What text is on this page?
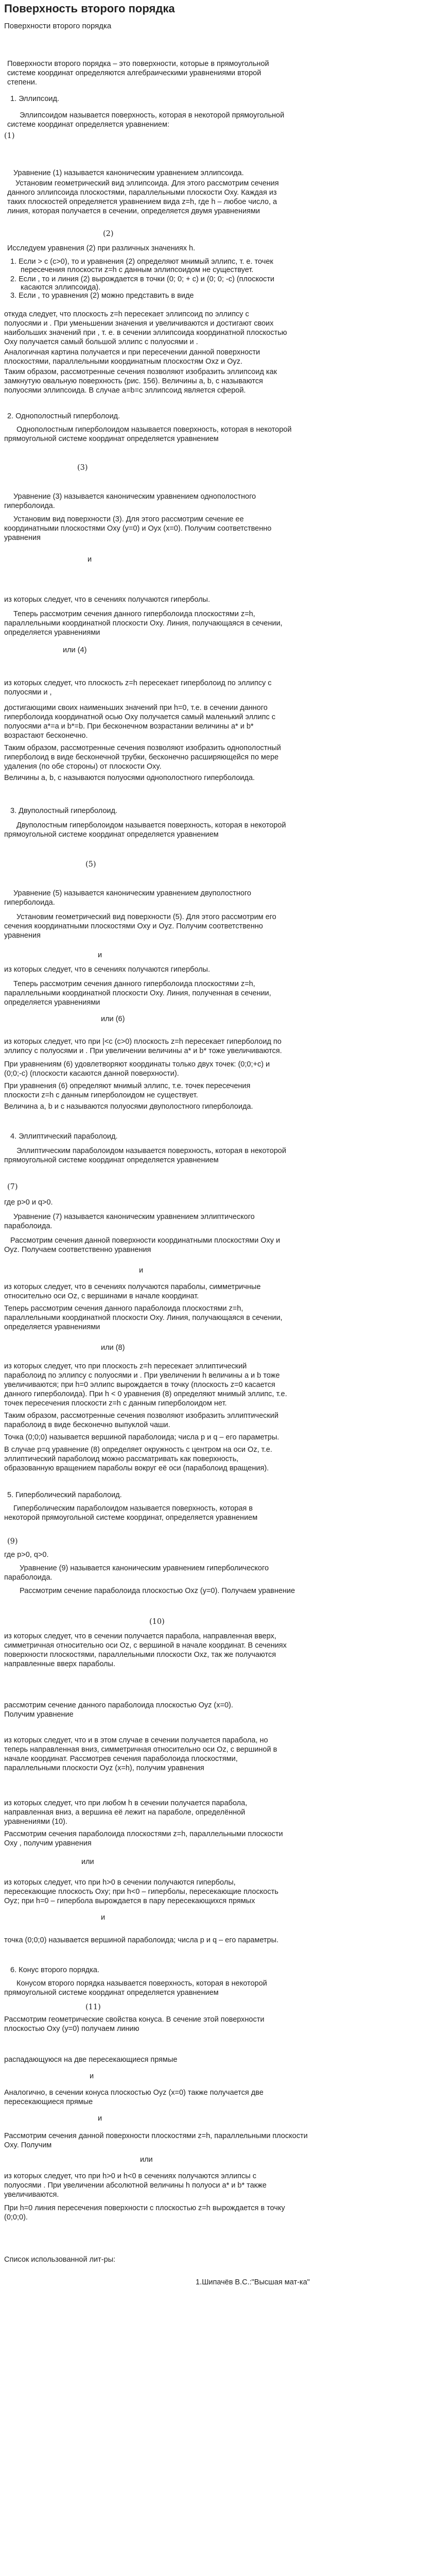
Поверхность второго порядка

Поверхности второго порядка

Поверхности второго порядка – это поверхности, которые в прямоугольной

системе координат определяются алгебраическими уравнениями второй

степени.

1. Эллипсоид.

Эллипсоидом называется поверхность, которая в некоторой прямоугольной

системе координат определяется уравнением:

(1)

Уравнение (1) называется каноническим уравнением эллипсоида.

Установим геометрический вид эллипсоида. Для этого рассмотрим сечения

данного эллипсоида плоскостями, параллельными плоскости Oxy. Каждая из

таких плоскостей определяется уравнением вида z=h, где h – любое число, а

линия, которая получается в сечении, определяется двумя уравнениями

(2)

Исследуем уравнения (2) при различных значениях h.

1. Если > c (c>0), то и уравнения (2) определяют мнимый эллипс, т. е. точек

пересечения плоскости z=h с данным эллипсоидом не существует.

2. Если , то и линия (2) вырождается в точки (0; 0; + c) и (0; 0; -c) (плоскости

касаются эллипсоида).

3. Если , то уравнения (2) можно представить в виде

откуда следует, что плоскость z=h пересекает эллипсоид по эллипсу с

полуосями и . При уменьшении значения и увеличиваются и достигают своих

наибольших значений при , т. е. в сечении эллипсоида координатной плоскостью

Oxy получается самый большой эллипс с полуосями и .

Аналогичная картина получается и при пересечении данной поверхности

плоскостями, параллельными координатным плоскостям Oxz и Oyz.

Таким образом, рассмотренные сечения позволяют изобразить эллипсоид как

замкнутую овальную поверхность (рис. 156). Величины a, b, c называются

полуосями эллипсоида. В случае a=b=c эллипсоид является сферой.

2. Однополостный гиперболоид.

Однополостным гиперболоидом называется поверхность, которая в некоторой

прямоугольной системе координат определяется уравнением

(3)

Уравнение (3) называется каноническим уравнением однополостного

гиперболоида.

Установим вид поверхности (3). Для этого рассмотрим сечение ее

координатными плоскостями Oxy (y=0) и Oyx (x=0). Получим соответственно

уравнения

и

из которых следует, что в сечениях получаются гиперболы.

Теперь рассмотрим сечения данного гиперболоида плоскостями z=h,

параллельными координатной плоскости Oxy. Линия, получающаяся в сечении,

определяется уравнениями

или (4)

из которых следует, что плоскость z=h пересекает гиперболоид по эллипсу с

полуосями и ,

достигающими своих наименьших значений при h=0, т.е. в сечении данного

гиперболоида координатной осью Oxy получается самый маленький эллипс с

полуосями a*=a и b*=b. При бесконечном возрастании величины a* и b*

возрастают бесконечно.

Таким образом, рассмотренные сечения позволяют изобразить однополостный

гиперболоид в виде бесконечной трубки, бесконечно расширяющейся по мере

удаления (по обе стороны) от плоскости Oxy.

Величины a, b, c называются полуосями однополостного гиперболоида.

3. Двуполостный гиперболоид.

Двуполостным гиперболоидом называется поверхность, которая в некоторой

прямоугольной системе координат определяется уравнением

(5)

Уравнение (5) называется каноническим уравнением двуполостного

гиперболоида.

Установим геометрический вид поверхности (5). Для этого рассмотрим его

сечения координатными плоскостями Oxy и Oyz. Получим соответственно

уравнения

и

из которых следует, что в сечениях получаются гиперболы.

Теперь рассмотрим сечения данного гиперболоида плоскостями z=h,

параллельными координатной плоскости Oxy. Линия, полученная в сечении,

определяется уравнениями

или (6)

из которых следует, что при |<c (c>0) плоскость z=h пересекает гиперболоид по

эллипсу с полуосями и . При увеличении величины a* и b* тоже увеличиваются.

При уравнениям (6) удовлетворяют координаты только двух точек: (0;0;+c) и

(0;0;-c) (плоскости касаются данной поверхности).

При уравнения (6) определяют мнимый эллипс, т.е. точек пересечения

плоскости z=h с данным гиперболоидом не существует.

Величина a, b и c называются полуосями двуполостного гиперболоида.

4. Эллиптический параболоид.

Эллиптическим параболоидом называется поверхность, которая в некоторой

прямоугольной системе координат определяется уравнением

(7)

где p>0 и q>0.

Уравнение (7) называется каноническим уравнением эллиптического

параболоида.

Рассмотрим сечения данной поверхности координатными плоскостями Oxy и

Oyz. Получаем соответственно уравнения

и

из которых следует, что в сечениях получаются параболы, симметричные

относительно оси Oz, с вершинами в начале координат.

Теперь рассмотрим сечения данного параболоида плоскостями z=h,

параллельными координатной плоскости Oxy. Линия, получающаяся в сечении,

определяется уравнениями

или (8)

из которых следует, что при плоскость z=h пересекает эллиптический

параболоид по эллипсу с полуосями и . При увеличении h величины a и b тоже

увеличиваются; при h=0 эллипс вырождается в точку (плоскость z=0 касается

данного гиперболоида). При h < 0 уравнения (8) определяют мнимый эллипс, т.е.

точек пересечения плоскости z=h с данным гиперболоидом нет.

Таким образом, рассмотренные сечения позволяют изобразить эллиптический

параболоид в виде бесконечно выпуклой чаши.

Точка (0;0;0) называется вершиной параболоида; числа p и q – его параметры.

В случае p=q уравнение (8) определяет окружность с центром на оси Oz, т.е.

эллиптический параболоид можно рассматривать как поверхность,

образованную вращением параболы вокруг её оси (параболоид вращения).

5. Гиперболический параболоид.

Гиперболическим параболоидом называется поверхность, которая в

некоторой прямоугольной системе координат, определяется уравнением

(9)

где p>0, q>0.

Уравнение (9) называется каноническим уравнением гиперболического

параболоида.

Рассмотрим сечение параболоида плоскостью Oxz (y=0). Получаем уравнение

(10)

из которых следует, что в сечении получается парабола, направленная вверх,

симметричная относительно оси Oz, с вершиной в начале координат. В сечениях

поверхности плоскостями, параллельными плоскости Oxz, так же получаются

направленные вверх параболы.

рассмотрим сечение данного параболоида плоскостью Oyz (x=0).

Получим уравнение

из которых следует, что и в этом случае в сечении получается парабола, но

теперь направленная вниз, симметричная относительно оси Oz, с вершиной в

начале координат. Рассмотрев сечения параболоида плоскостями,

параллельными плоскости Oyz (x=h), получим уравнения

из которых следует, что при любом h в сечении получается парабола,

направленная вниз, а вершина её лежит на параболе, определённой

уравнениями (10).

Рассмотрим сечения параболоида плоскостями z=h, параллельными плоскости

Oxy , получим уравнения

или

из которых следует, что при h>0 в сечении получаются гиперболы,

пересекающие плоскость Oxy; при h<0 – гиперболы, пересекающие плоскость

Oyz; при h=0 – гипербола вырождается в пару пересекающихся прямых

и

точка (0;0;0) называется вершиной параболоида; числа p и q – его параметры.

6. Конус второго порядка.

Конусом второго порядка называется поверхность, которая в некоторой

прямоугольной системе координат определяется уравнением

(11)

Рассмотрим геометрические свойства конуса. В сечение этой поверхности

плоскостью Oxy (y=0) получаем линию

распадающуюся на две пересекающиеся прямые

и

Аналогично, в сечении конуса плоскостью Oyz (x=0) также получается две

пересекающиеся прямые

и

Рассмотрим сечения данной поверхности плоскостями z=h, параллельными плоскости

Oxy. Получим

или

из которых следует, что при h>0 и h<0 в сечениях получаются эллипсы с

полуосями . При увеличении абсолютной величины h полуоси a* и b* также

увеличиваются.

При h=0 линия пересечения поверхности с плоскостью z=h вырождается в точку

(0;0;0).

Список использованной лит-ры:

1.Шипачёв В.С.:"Высшая мат-ка"
